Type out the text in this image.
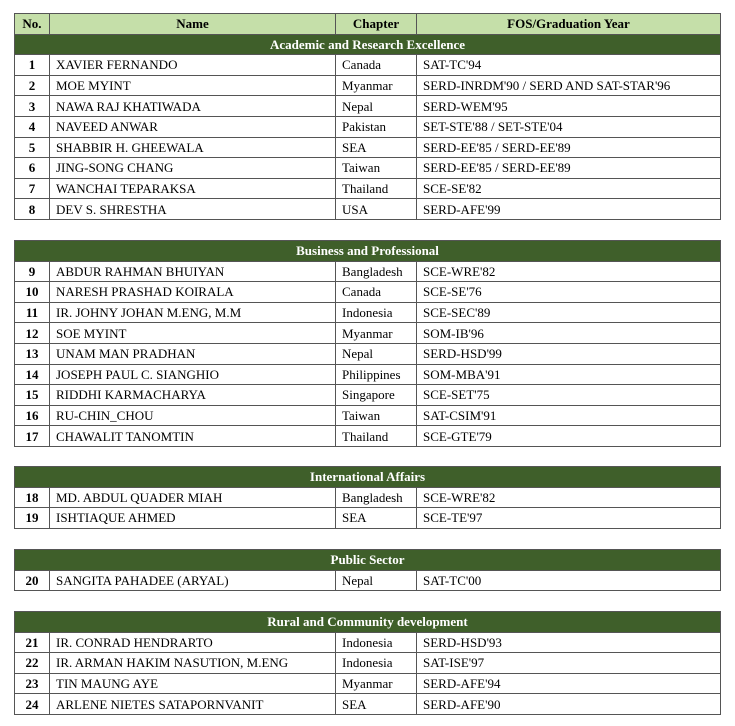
No.	Name	Chapter	FOS/Graduation Year
Academic and Research Excellence			
1	XAVIER FERNANDO	Canada	SAT-TC'94
2	MOE MYINT	Myanmar	SERD-INRDM'90 / SERD AND SAT-STAR'96
3	NAWA RAJ KHATIWADA	Nepal	SERD-WEM'95
4	NAVEED ANWAR	Pakistan	SET-STE'88 / SET-STE'04
5	SHABBIR H. GHEEWALA	SEA	SERD-EE'85 / SERD-EE'89
6	JING-SONG CHANG	Taiwan	SERD-EE'85 / SERD-EE'89
7	WANCHAI TEPARAKSA	Thailand	SCE-SE'82
8	DEV S. SHRESTHA	USA	SERD-AFE'99
Business and Professional			
9	ABDUR RAHMAN BHUIYAN	Bangladesh	SCE-WRE'82
10	NARESH PRASHAD KOIRALA	Canada	SCE-SE'76
11	IR. JOHNY JOHAN M.ENG, M.M	Indonesia	SCE-SEC'89
12	SOE MYINT	Myanmar	SOM-IB'96
13	UNAM MAN PRADHAN	Nepal	SERD-HSD'99
14	JOSEPH PAUL C. SIANGHIO	Philippines	SOM-MBA'91
15	RIDDHI KARMACHARYA	Singapore	SCE-SET'75
16	RU-CHIN_CHOU	Taiwan	SAT-CSIM'91
17	CHAWALIT TANOMTIN	Thailand	SCE-GTE'79
International Affairs			
18	MD. ABDUL QUADER MIAH	Bangladesh	SCE-WRE'82
19	ISHTIAQUE AHMED	SEA	SCE-TE'97
Public Sector
20	SANGITA PAHADEE (ARYAL)	Nepal	SAT-TC'00
Rural and Community development			
21	IR. CONRAD HENDRARTO	Indonesia	SERD-HSD'93
22	IR. ARMAN HAKIM NASUTION, M.ENG	Indonesia	SAT-ISE'97
23	TIN MAUNG AYE	Myanmar	SERD-AFE'94
24	ARLENE NIETES SATAPORNVANIT	SEA	SERD-AFE'90
